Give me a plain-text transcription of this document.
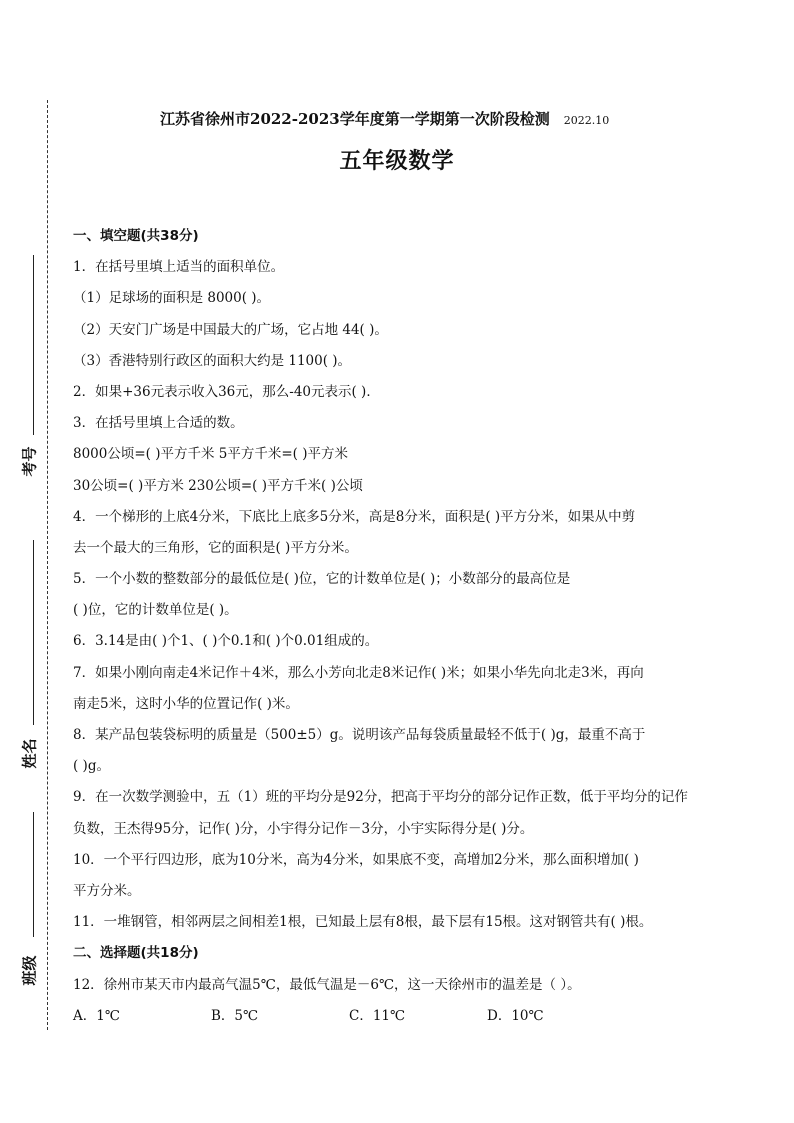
考号
姓名
班级
江苏省徐州市2022-2023学年度第一学期第一次阶段检测 2022.10
五年级数学
一、填空题(共38分)
1．在括号里填上适当的面积单位。
（1）足球场的面积是 8000( )。
（2）天安门广场是中国最大的广场，它占地 44( )。
（3）香港特别行政区的面积大约是 1100( )。
2．如果+36元表示收入36元，那么-40元表示( )．
3．在括号里填上合适的数。
8000公顷=( )平方千米 5平方千米=( )平方米
30公顷=( )平方米 230公顷=( )平方千米( )公顷
4．一个梯形的上底4分米，下底比上底多5分米，高是8分米，面积是( )平方分米，如果从中剪
去一个最大的三角形，它的面积是( )平方分米。
5．一个小数的整数部分的最低位是( )位，它的计数单位是( )；小数部分的最高位是
( )位，它的计数单位是( )。
6．3.14是由( )个1、( )个0.1和( )个0.01组成的。
7．如果小刚向南走4米记作＋4米，那么小芳向北走8米记作( )米；如果小华先向北走3米，再向
南走5米，这时小华的位置记作( )米。
8．某产品包装袋标明的质量是（500±5）g。说明该产品每袋质量最轻不低于( )g，最重不高于
( )g。
9．在一次数学测验中，五（1）班的平均分是92分，把高于平均分的部分记作正数，低于平均分的记作
负数，王杰得95分，记作( )分，小宇得分记作－3分，小宇实际得分是( )分。
10．一个平行四边形，底为10分米，高为4分米，如果底不变，高增加2分米，那么面积增加( )
平方分米。
11．一堆钢管，相邻两层之间相差1根，已知最上层有8根，最下层有15根。这对钢管共有( )根。
二、选择题(共18分)
12．徐州市某天市内最高气温5℃，最低气温是－6℃，这一天徐州市的温差是（ ）。
A．1℃	B．5℃	C．11℃	D．10℃
